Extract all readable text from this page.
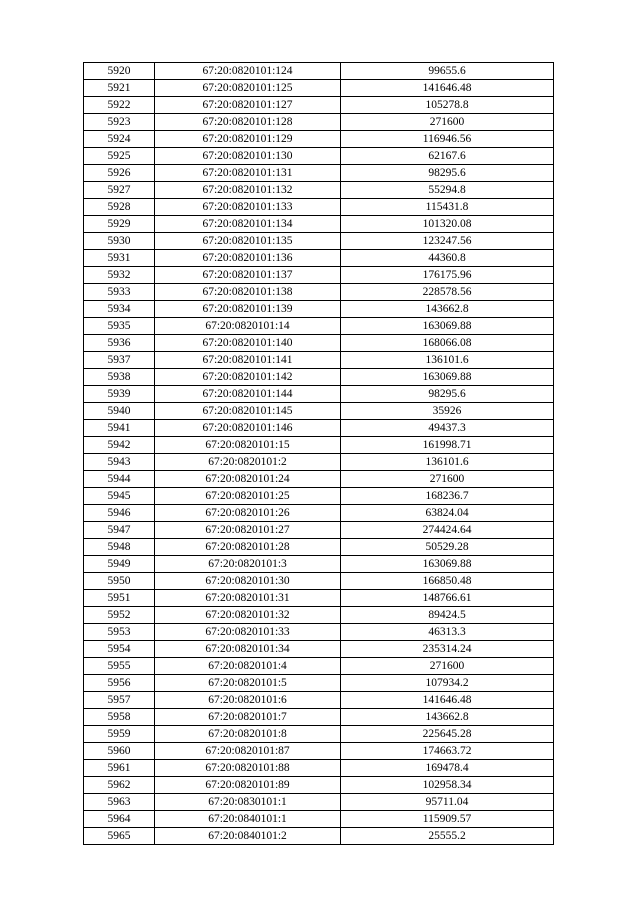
5920	67:20:0820101:124	99655.6
5921	67:20:0820101:125	141646.48
5922	67:20:0820101:127	105278.8
5923	67:20:0820101:128	271600
5924	67:20:0820101:129	116946.56
5925	67:20:0820101:130	62167.6
5926	67:20:0820101:131	98295.6
5927	67:20:0820101:132	55294.8
5928	67:20:0820101:133	115431.8
5929	67:20:0820101:134	101320.08
5930	67:20:0820101:135	123247.56
5931	67:20:0820101:136	44360.8
5932	67:20:0820101:137	176175.96
5933	67:20:0820101:138	228578.56
5934	67:20:0820101:139	143662.8
5935	67:20:0820101:14	163069.88
5936	67:20:0820101:140	168066.08
5937	67:20:0820101:141	136101.6
5938	67:20:0820101:142	163069.88
5939	67:20:0820101:144	98295.6
5940	67:20:0820101:145	35926
5941	67:20:0820101:146	49437.3
5942	67:20:0820101:15	161998.71
5943	67:20:0820101:2	136101.6
5944	67:20:0820101:24	271600
5945	67:20:0820101:25	168236.7
5946	67:20:0820101:26	63824.04
5947	67:20:0820101:27	274424.64
5948	67:20:0820101:28	50529.28
5949	67:20:0820101:3	163069.88
5950	67:20:0820101:30	166850.48
5951	67:20:0820101:31	148766.61
5952	67:20:0820101:32	89424.5
5953	67:20:0820101:33	46313.3
5954	67:20:0820101:34	235314.24
5955	67:20:0820101:4	271600
5956	67:20:0820101:5	107934.2
5957	67:20:0820101:6	141646.48
5958	67:20:0820101:7	143662.8
5959	67:20:0820101:8	225645.28
5960	67:20:0820101:87	174663.72
5961	67:20:0820101:88	169478.4
5962	67:20:0820101:89	102958.34
5963	67:20:0830101:1	95711.04
5964	67:20:0840101:1	115909.57
5965	67:20:0840101:2	25555.2
